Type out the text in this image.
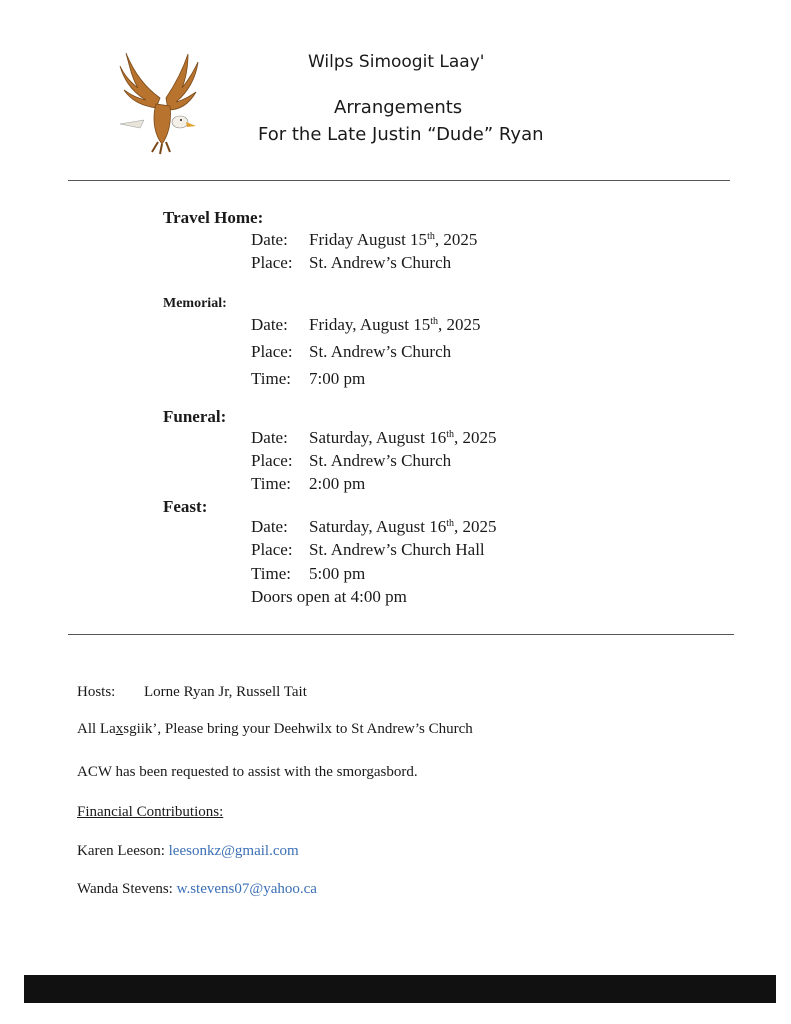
Wilps Simoogit Laay'
Arrangements
For the Late Justin “Dude” Ryan
Travel Home:
Date: Friday August 15th, 2025
Place: St. Andrew’s Church
Memorial:
Date: Friday, August 15th, 2025
Place: St. Andrew’s Church
Time: 7:00 pm
Funeral:
Date: Saturday, August 16th, 2025
Place: St. Andrew’s Church
Time: 2:00 pm
Feast:
Date: Saturday, August 16th, 2025
Place: St. Andrew’s Church Hall
Time: 5:00 pm
Doors open at 4:00 pm
Hosts: Lorne Ryan Jr, Russell Tait
All Laxsgiik’, Please bring your Deehwilx to St Andrew’s Church
ACW has been requested to assist with the smorgasbord.
Financial Contributions:
Karen Leeson: leesonkz@gmail.com
Wanda Stevens: w.stevens07@yahoo.ca
